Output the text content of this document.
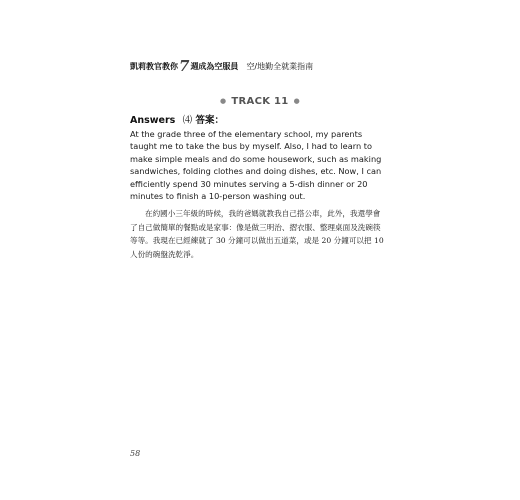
凱莉教官教你 7 週成為空服員 空/地勤全就業指南
● TRACK 11 ●
Answers ⑷ 答案：

At the grade three of the elementary school, my parents
taught me to take the bus by myself. Also, I had to learn to
make simple meals and do some housework, such as making
sandwiches, folding clothes and doing dishes, etc. Now, I can
efficiently spend 30 minutes serving a 5-dish dinner or 20
minutes to finish a 10-person washing out.

在約國小三年級的時候，我的爸媽就教我自己搭公車，此外，我還學會
了自己做簡單的餐點或是家事：像是做三明治、摺衣服、整理桌面及洗碗筷
等等。我現在已經練就了 30 分鐘可以做出五道菜，或是 20 分鐘可以把 10
人份的碗盤洗乾淨。

58
